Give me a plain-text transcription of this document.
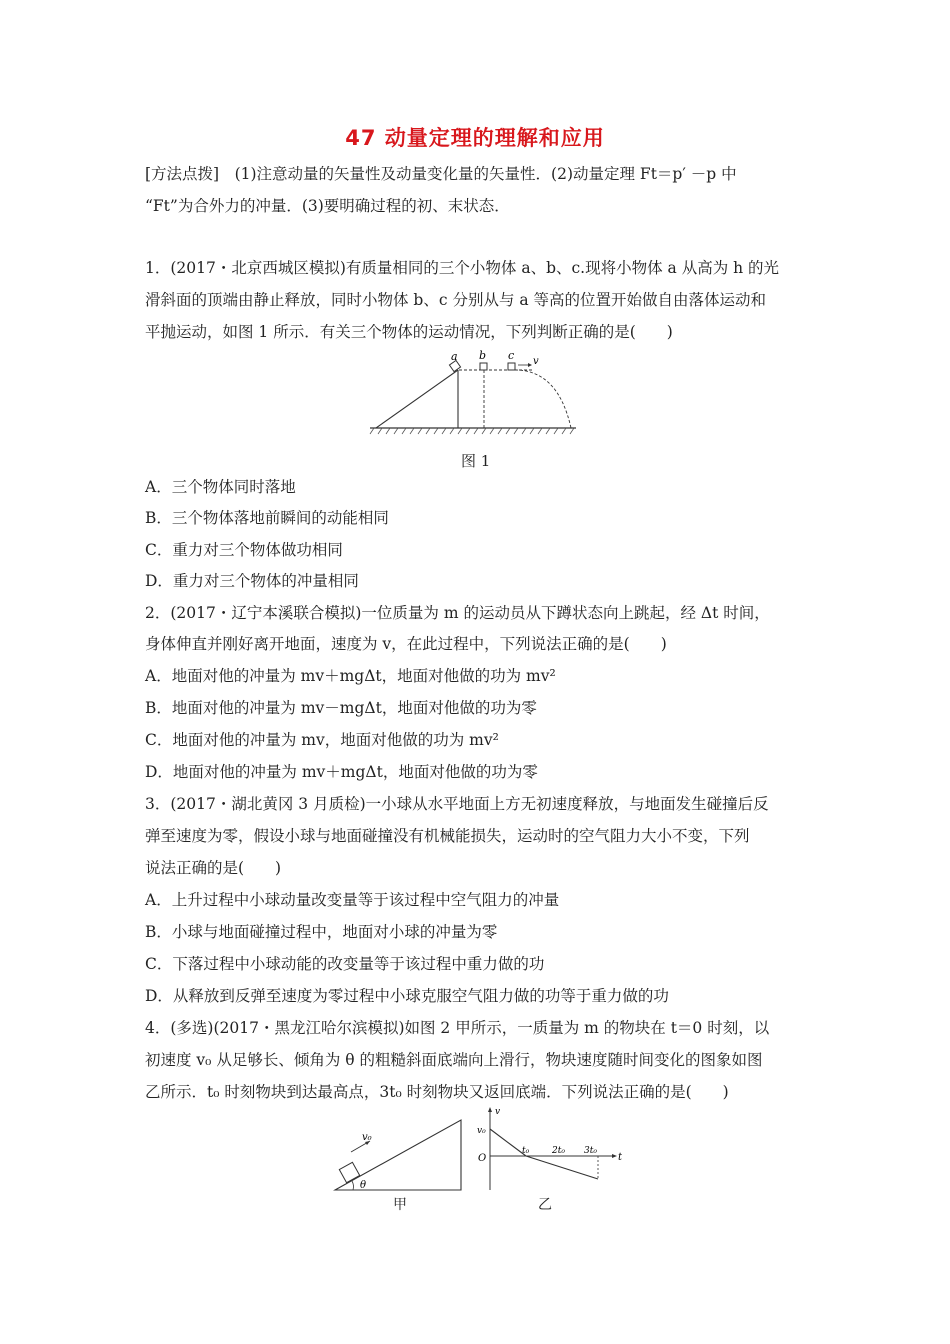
47 动量定理的理解和应用
[方法点拨]　(1)注意动量的矢量性及动量变化量的矢量性．(2)动量定理 Ft＝p′ －p 中
“Ft”为合外力的冲量．(3)要明确过程的初、末状态．
1．(2017・北京西城区模拟)有质量相同的三个小物体 a、b、c.现将小物体 a 从高为 h 的光
滑斜面的顶端由静止释放，同时小物体 b、c 分别从与 a 等高的位置开始做自由落体运动和
平抛运动，如图 1 所示．有关三个物体的运动情况，下列判断正确的是(　　)
a b c v
图 1
A．三个物体同时落地
B．三个物体落地前瞬间的动能相同
C．重力对三个物体做功相同
D．重力对三个物体的冲量相同
2．(2017・辽宁本溪联合模拟)一位质量为 m 的运动员从下蹲状态向上跳起，经 Δt 时间，
身体伸直并刚好离开地面，速度为 v，在此过程中，下列说法正确的是(　　)
A．地面对他的冲量为 mv＋mgΔt，地面对他做的功为 mv²
B．地面对他的冲量为 mv－mgΔt，地面对他做的功为零
C．地面对他的冲量为 mv，地面对他做的功为 mv²
D．地面对他的冲量为 mv＋mgΔt，地面对他做的功为零
3．(2017・湖北黄冈 3 月质检)一小球从水平地面上方无初速度释放，与地面发生碰撞后反
弹至速度为零，假设小球与地面碰撞没有机械能损失，运动时的空气阻力大小不变，下列
说法正确的是(　　)
A．上升过程中小球动量改变量等于该过程中空气阻力的冲量
B．小球与地面碰撞过程中，地面对小球的冲量为零
C．下落过程中小球动能的改变量等于该过程中重力做的功
D．从释放到反弹至速度为零过程中小球克服空气阻力做的功等于重力做的功
4．(多选)(2017・黑龙江哈尔滨模拟)如图 2 甲所示，一质量为 m 的物块在 t＝0 时刻，以
初速度 v₀ 从足够长、倾角为 θ 的粗糙斜面底端向上滑行，物块速度随时间变化的图象如图
乙所示．t₀ 时刻物块到达最高点，3t₀ 时刻物块又返回底端．下列说法正确的是(　　)
v₀
θ
甲
v
v₀
O
t₀	2t₀ 3t₀
t
乙
